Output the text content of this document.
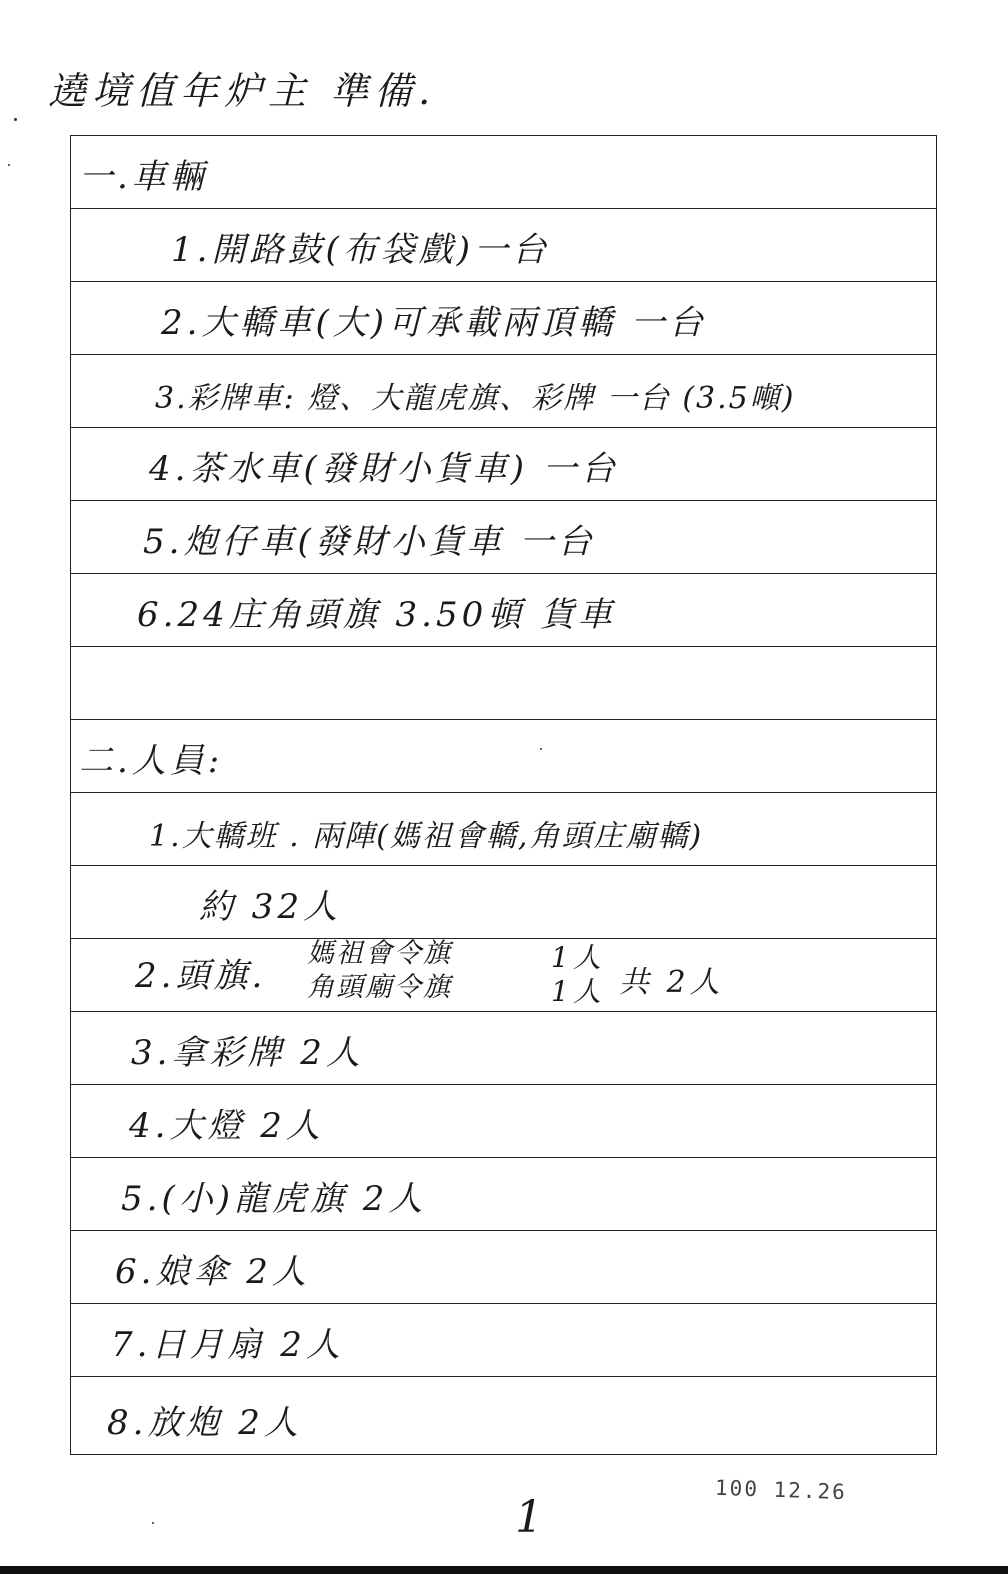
遶境值年炉主 準備.
一.車輛
1.開路鼓(布袋戲)一台
2.大轎車(大)可承載兩頂轎 一台
3.彩牌車: 燈、大龍虎旗、彩牌 一台 (3.5噸)
4.茶水車(發財小貨車) 一台
5.炮仔車(發財小貨車 一台
6.24庄角頭旗 3.50頓 貨車
二.人員:
1.大轎班 . 兩陣(媽祖會轎,角頭庄廟轎)
約 32人
2.頭旗.
媽祖會令旗
角頭廟令旗
1人
1人 共 2人
3.拿彩牌 2人
4.大燈 2人
5.(小)龍虎旗 2人
6.娘傘 2人
7.日月扇 2人
8.放炮 2人
100 12.26
1
